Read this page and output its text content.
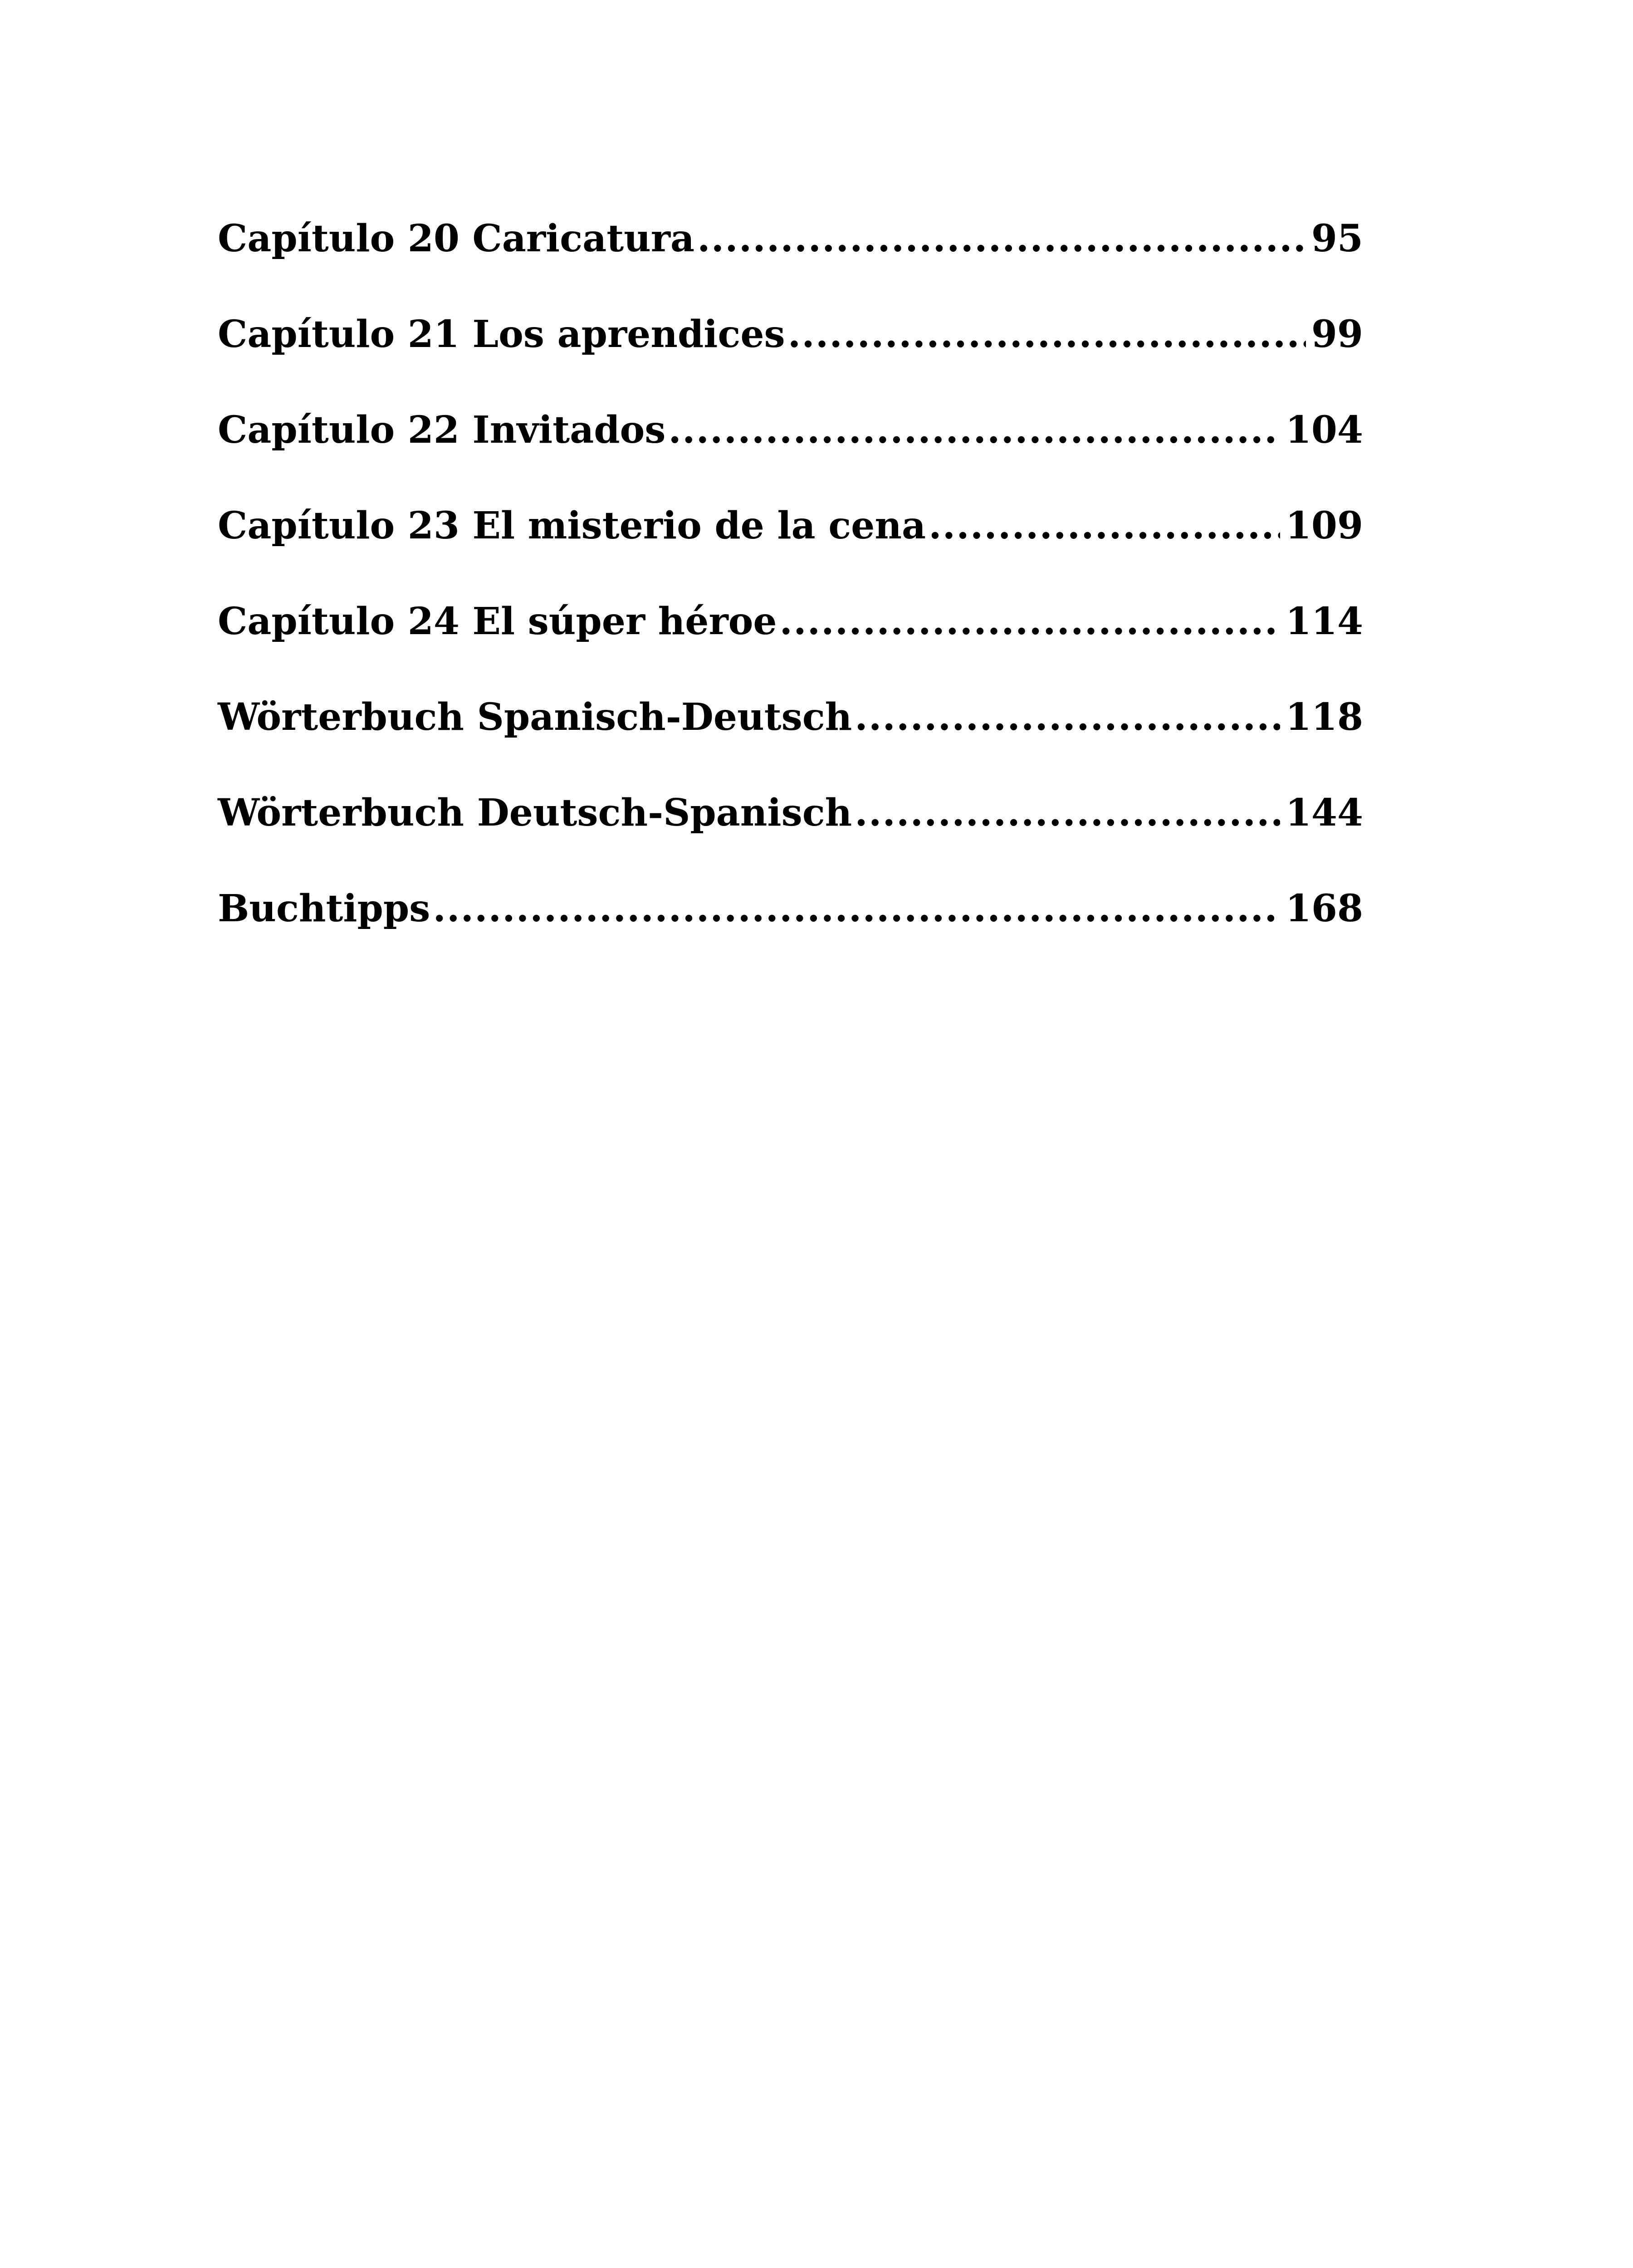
Capítulo 20 Caricatura .....	95
Capítulo 21 Los aprendices .....	99
Capítulo 22 Invitados .....	104
Capítulo 23 El misterio de la cena .....	109
Capítulo 24 El súper héroe .....	114
Wörterbuch Spanisch-Deutsch .....	118
Wörterbuch Deutsch-Spanisch .....	144
Buchtipps .....	168
